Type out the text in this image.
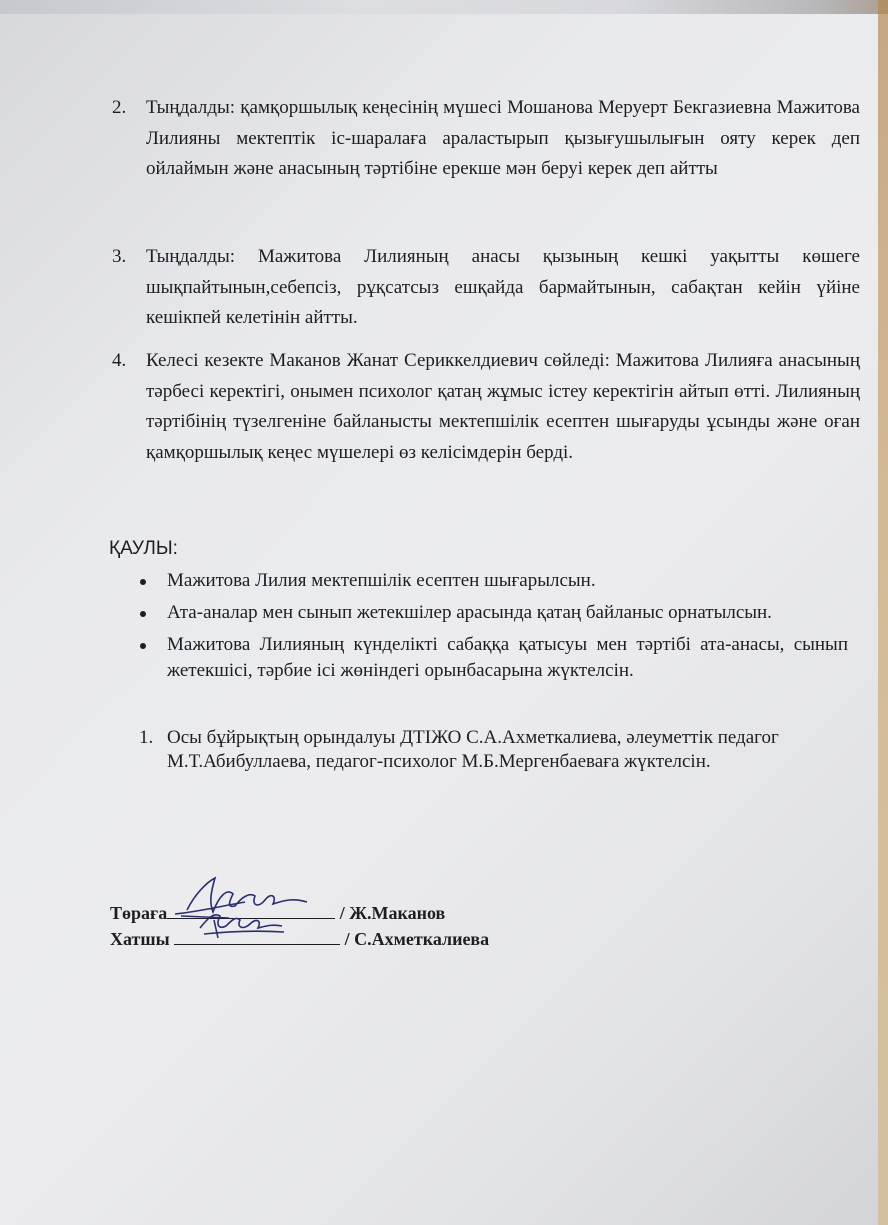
2.	Тыңдалды: қамқоршылық кеңесінің мүшесі Мошанова Меруерт Бекгазиевна Мажитова Лилияны мектептік іс-шаралаға араластырып қызығушылығын ояту керек деп ойлаймын және анасының тәртібіне ерекше мән беруі керек деп айтты
3.	Тыңдалды: Мажитова Лилияның анасы қызының кешкі уақытты көшеге шықпайтынын,себепсіз, рұқсатсыз ешқайда бармайтынын, сабақтан кейін үйіне кешікпей келетінін айтты.
4.	Келесі кезекте Маканов Жанат Сериккелдиевич сөйледі: Мажитова Лилияға анасының тәрбесі керектігі, онымен психолог қатаң жұмыс істеу керектігін айтып өтті. Лилияның тәртібінің түзелгеніне байланысты мектепшілік есептен шығаруды ұсынды және оған қамқоршылық кеңес мүшелері өз келісімдерін берді.
ҚАУЛЫ:
Мажитова Лилия мектепшілік есептен шығарылсын.
Ата-аналар мен сынып жетекшілер арасында қатаң байланыс орнатылсын.
Мажитова Лилияның күнделікті сабаққа қатысуы мен тәртібі ата-анасы, сынып жетекшісі, тәрбие ісі жөніндегі орынбасарына жүктелсін.
1. Осы бұйрықтың орындалуы ДТІЖО С.А.Ахметкалиева, әлеуметтік педагог М.Т.Абибуллаева, педагог-психолог М.Б.Мергенбаеваға жүктелсін.
Төраға	/ Ж.Маканов
Хатшы	/ С.Ахметкалиева
